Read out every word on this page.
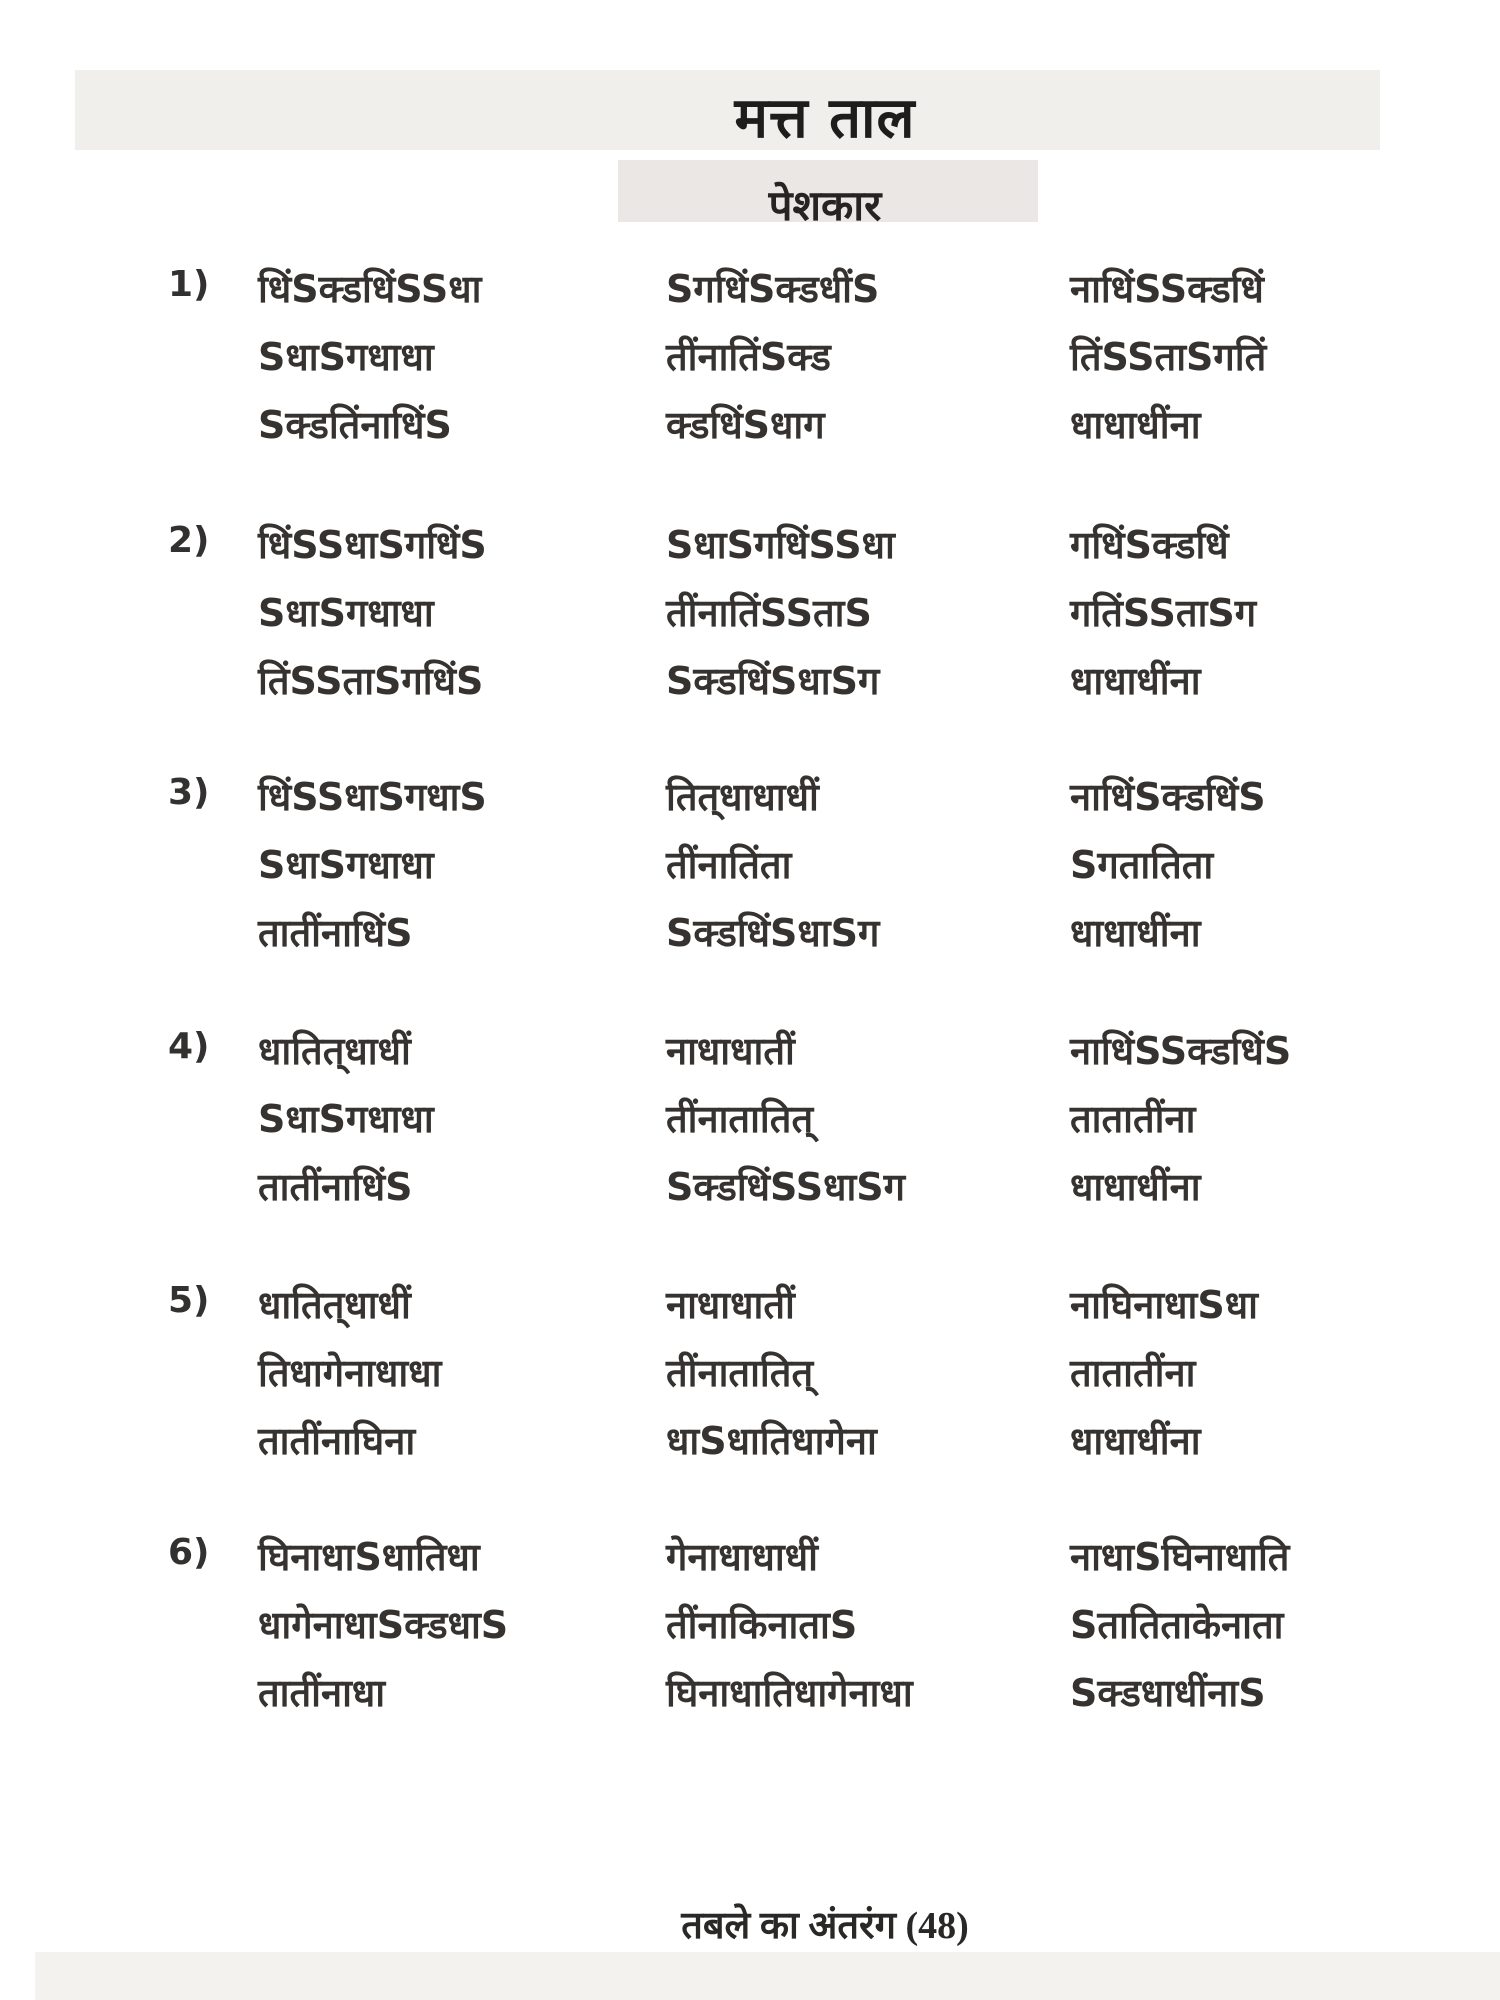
मत्त ताल
पेशकार
1) धिंSक्डधिंSSधा	SगधिंSक्डधींS	नाधिंSSक्डधिं
SधाSगधाधा	तींनातिंSक्ड	तिंSSताSगतिं
Sक्डतिंनाधिंS	क्डधिंSधाग	धाधाधींना
2) धिंSSधाSगधिंS	SधाSगधिंSSधा	गधिंSक्डधिं
SधाSगधाधा	तींनातिंSSताS	गतिंSSताSग
तिंSSताSगधिंS	Sक्डधिंSधाSग	धाधाधींना
3) धिंSSधाSगधाS	तित्‌धाधाधीं	नाधिंSक्डधिंS
SधाSगधाधा	तींनातिंता	Sगतातिता
तातींनाधिंS	Sक्डधिंSधाSग	धाधाधींना
4) धातित्‌धाधीं	नाधाधातीं	नाधिंSSक्डधिंS
SधाSगधाधा	तींनातातित्	तातातींना
तातींनाधिंS	Sक्डधिंSSधाSग	धाधाधींना
5) धातित्‌धाधीं	नाधाधातीं	नाघिनाधाSधा
तिधागेनाधाधा	तींनातातित्	तातातींना
तातींनाघिना	धाSधातिधागेना	धाधाधींना
6) घिनाधाSधातिधा	गेनाधाधाधीं	नाधाSघिनाधाति
धागेनाधाSक्डधाS	तींनाकिनाताS	Sतातिताकेनाता
तातींनाधा	घिनाधातिधागेनाधा	Sक्डधाधींनाS
तबले का अंतरंग (48)
